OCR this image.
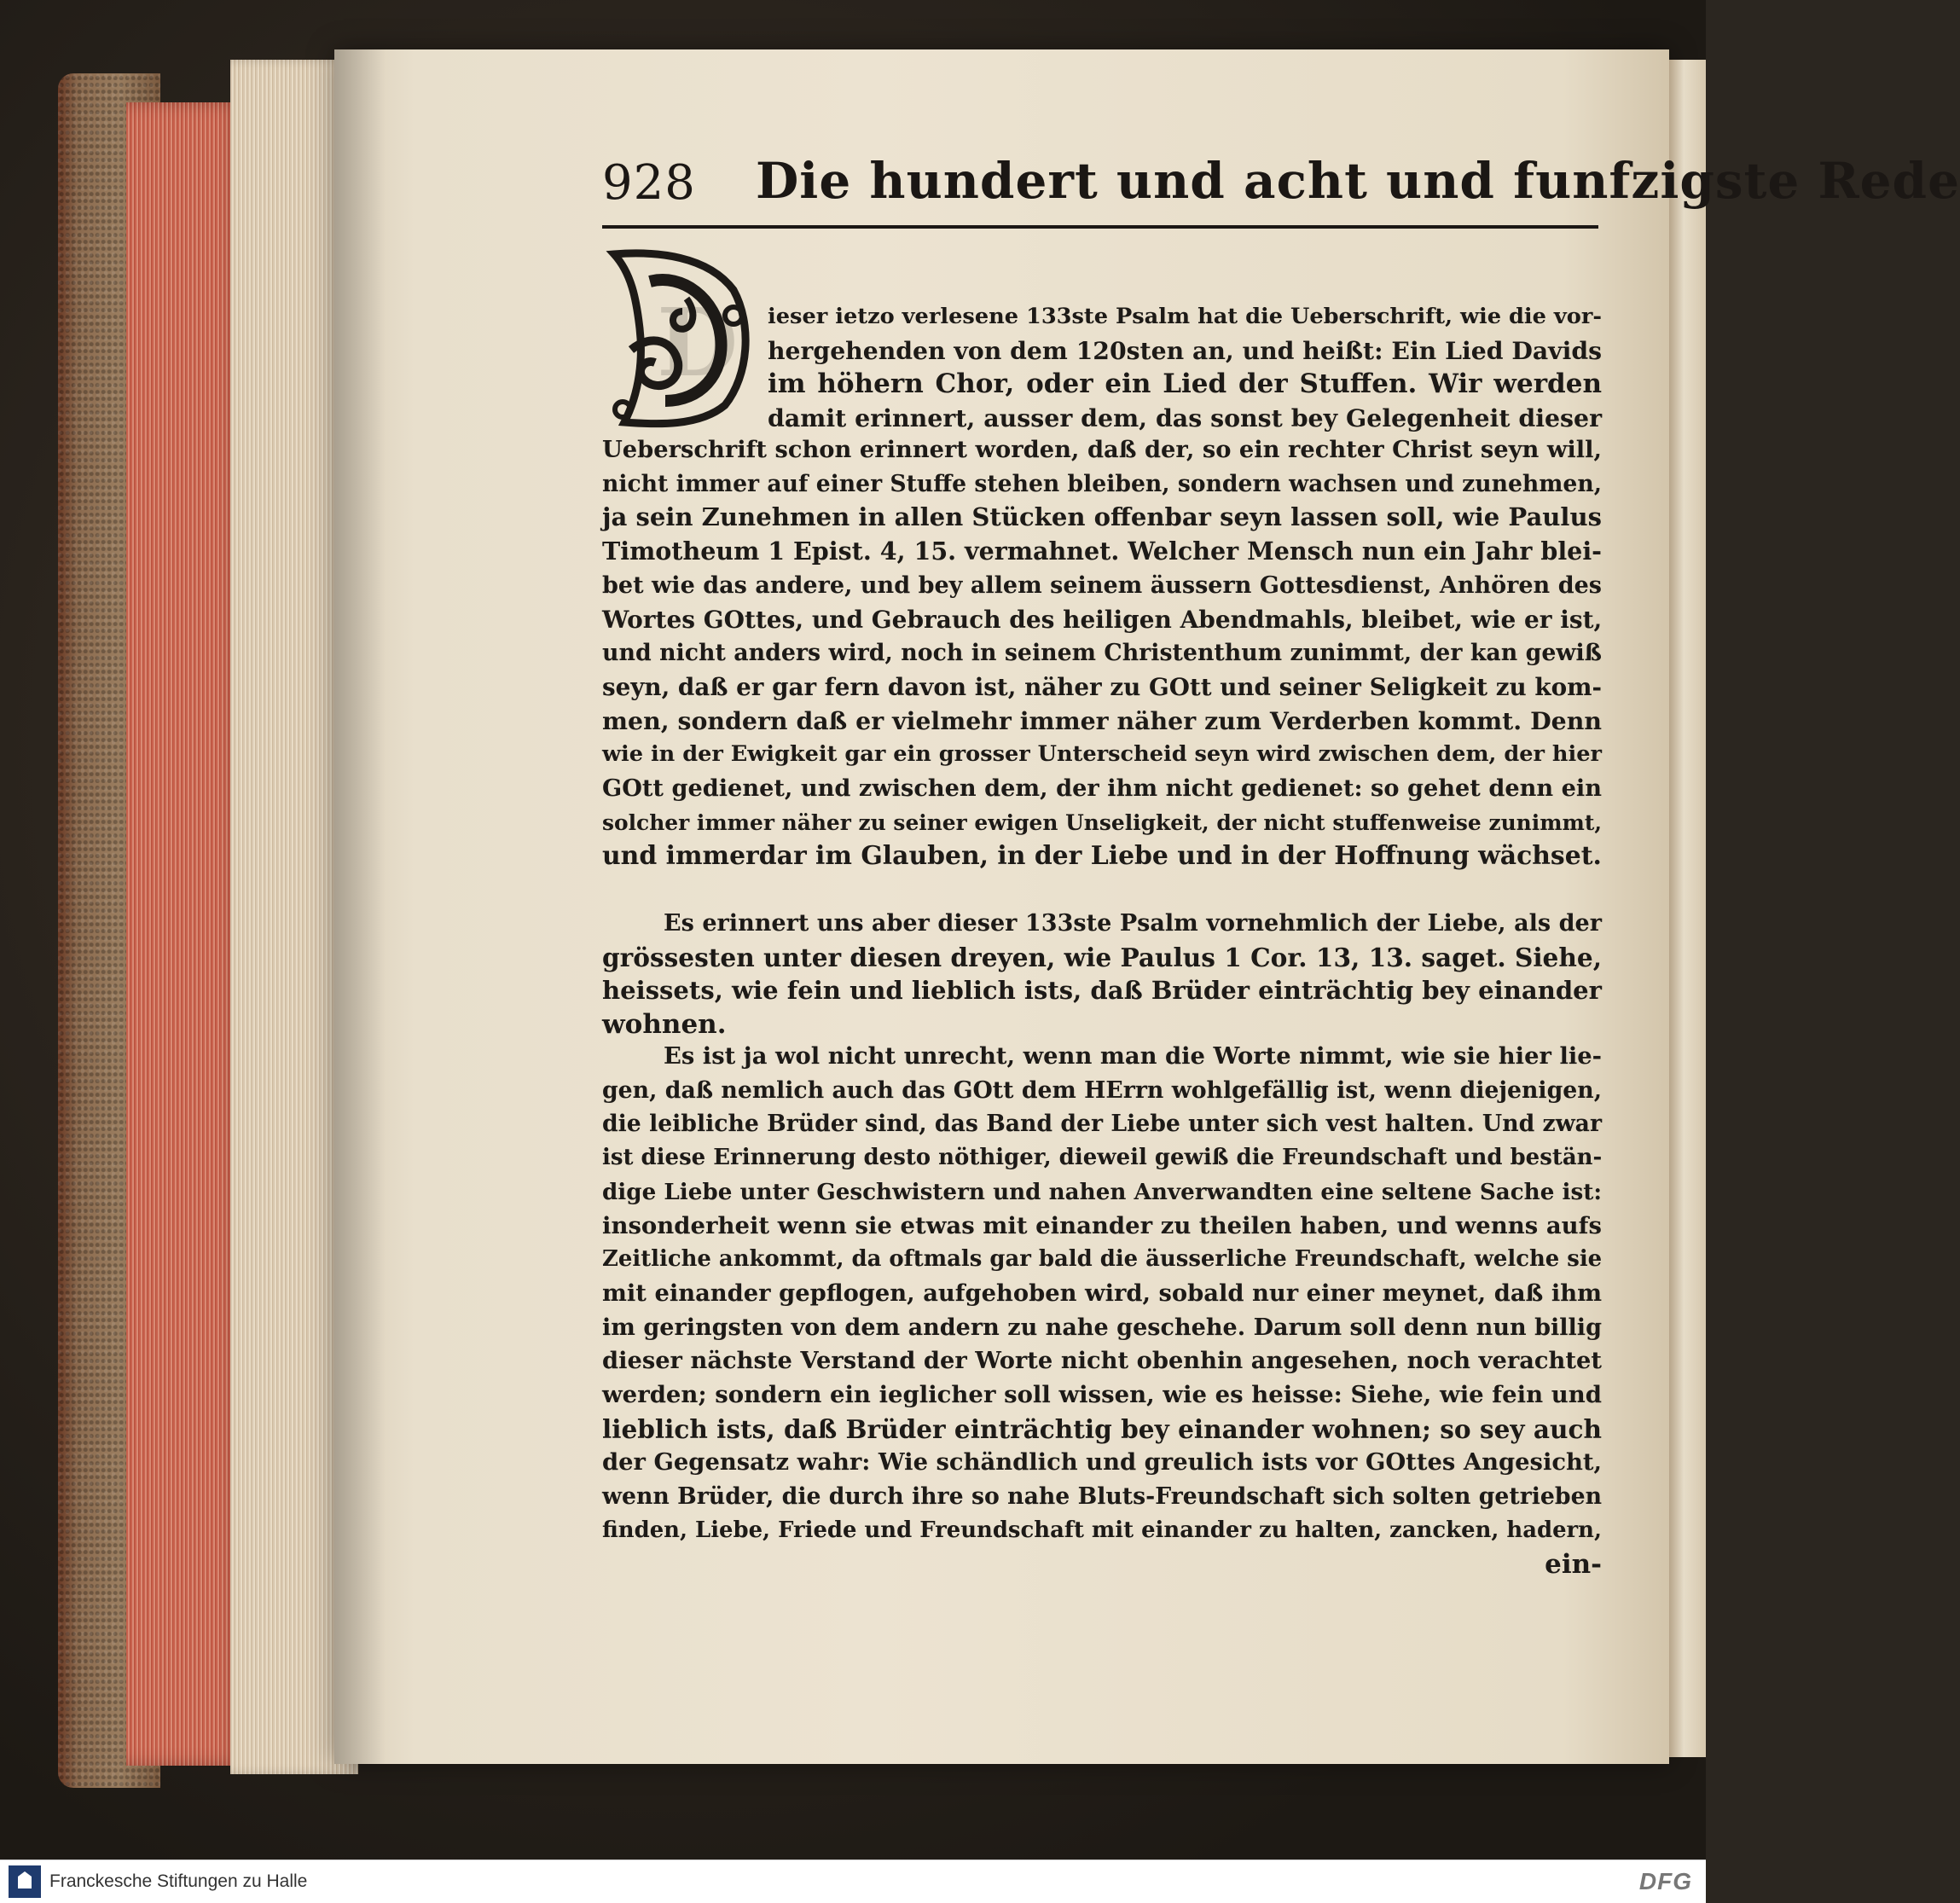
928 Die hundert und acht und funfzigste Rede
D ieser ietzo verlesene 133ste Psalm hat die Ueberschrift, wie die vor-
hergehenden von dem 120sten an, und heißt: Ein Lied Davids
im höhern Chor, oder ein Lied der Stuffen. Wir werden
damit erinnert, ausser dem, das sonst bey Gelegenheit dieser
Ueberschrift schon erinnert worden, daß der, so ein rechter Christ seyn will,
nicht immer auf einer Stuffe stehen bleiben, sondern wachsen und zunehmen,
ja sein Zunehmen in allen Stücken offenbar seyn lassen soll, wie Paulus
Timotheum 1 Epist. 4, 15. vermahnet. Welcher Mensch nun ein Jahr blei-
bet wie das andere, und bey allem seinem äussern Gottesdienst, Anhören des
Wortes GOttes, und Gebrauch des heiligen Abendmahls, bleibet, wie er ist,
und nicht anders wird, noch in seinem Christenthum zunimmt, der kan gewiß
seyn, daß er gar fern davon ist, näher zu GOtt und seiner Seligkeit zu kom-
men, sondern daß er vielmehr immer näher zum Verderben kommt. Denn
wie in der Ewigkeit gar ein grosser Unterscheid seyn wird zwischen dem, der hier
GOtt gedienet, und zwischen dem, der ihm nicht gedienet: so gehet denn ein
solcher immer näher zu seiner ewigen Unseligkeit, der nicht stuffenweise zunimmt,
und immerdar im Glauben, in der Liebe und in der Hoffnung wächset.
Es erinnert uns aber dieser 133ste Psalm vornehmlich der Liebe, als der
grössesten unter diesen dreyen, wie Paulus 1 Cor. 13, 13. saget. Siehe,
heissets, wie fein und lieblich ists, daß Brüder einträchtig bey einander
wohnen.
Es ist ja wol nicht unrecht, wenn man die Worte nimmt, wie sie hier lie-
gen, daß nemlich auch das GOtt dem HErrn wohlgefällig ist, wenn diejenigen,
die leibliche Brüder sind, das Band der Liebe unter sich vest halten. Und zwar
ist diese Erinnerung desto nöthiger, dieweil gewiß die Freundschaft und bestän-
dige Liebe unter Geschwistern und nahen Anverwandten eine seltene Sache ist:
insonderheit wenn sie etwas mit einander zu theilen haben, und wenns aufs
Zeitliche ankommt, da oftmals gar bald die äusserliche Freundschaft, welche sie
mit einander gepflogen, aufgehoben wird, sobald nur einer meynet, daß ihm
im geringsten von dem andern zu nahe geschehe. Darum soll denn nun billig
dieser nächste Verstand der Worte nicht obenhin angesehen, noch verachtet
werden; sondern ein ieglicher soll wissen, wie es heisse: Siehe, wie fein und
lieblich ists, daß Brüder einträchtig bey einander wohnen; so sey auch
der Gegensatz wahr: Wie schändlich und greulich ists vor GOttes Angesicht,
wenn Brüder, die durch ihre so nahe Bluts-Freundschaft sich solten getrieben
finden, Liebe, Friede und Freundschaft mit einander zu halten, zancken, hadern,
ein-
Franckesche Stiftungen zu Halle	DFG
